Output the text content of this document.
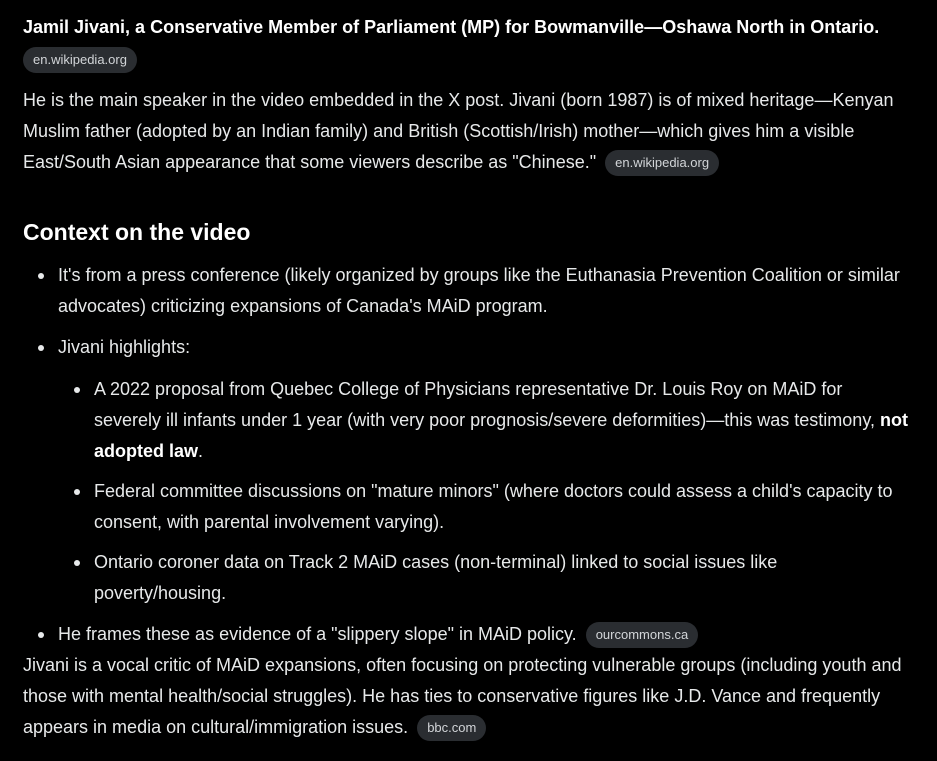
Jamil Jivani, a Conservative Member of Parliament (MP) for Bowmanville—Oshawa North in Ontario.

en.wikipedia.org

He is the main speaker in the video embedded in the X post. Jivani (born 1987) is of mixed heritage—Kenyan Muslim father (adopted by an Indian family) and British (Scottish/Irish) mother—which gives him a visible East/South Asian appearance that some viewers describe as "Chinese." en.wikipedia.org

Context on the video
It's from a press conference (likely organized by groups like the Euthanasia Prevention Coalition or similar advocates) criticizing expansions of Canada's MAiD program.
Jivani highlights:
A 2022 proposal from Quebec College of Physicians representative Dr. Louis Roy on MAiD for severely ill infants under 1 year (with very poor prognosis/severe deformities)—this was testimony, not adopted law.
Federal committee discussions on "mature minors" (where doctors could assess a child's capacity to consent, with parental involvement varying).
Ontario coroner data on Track 2 MAiD cases (non-terminal) linked to social issues like poverty/housing.
He frames these as evidence of a "slippery slope" in MAiD policy. ourcommons.ca

Jivani is a vocal critic of MAiD expansions, often focusing on protecting vulnerable groups (including youth and those with mental health/social struggles). He has ties to conservative figures like J.D. Vance and frequently appears in media on cultural/immigration issues. bbc.com
